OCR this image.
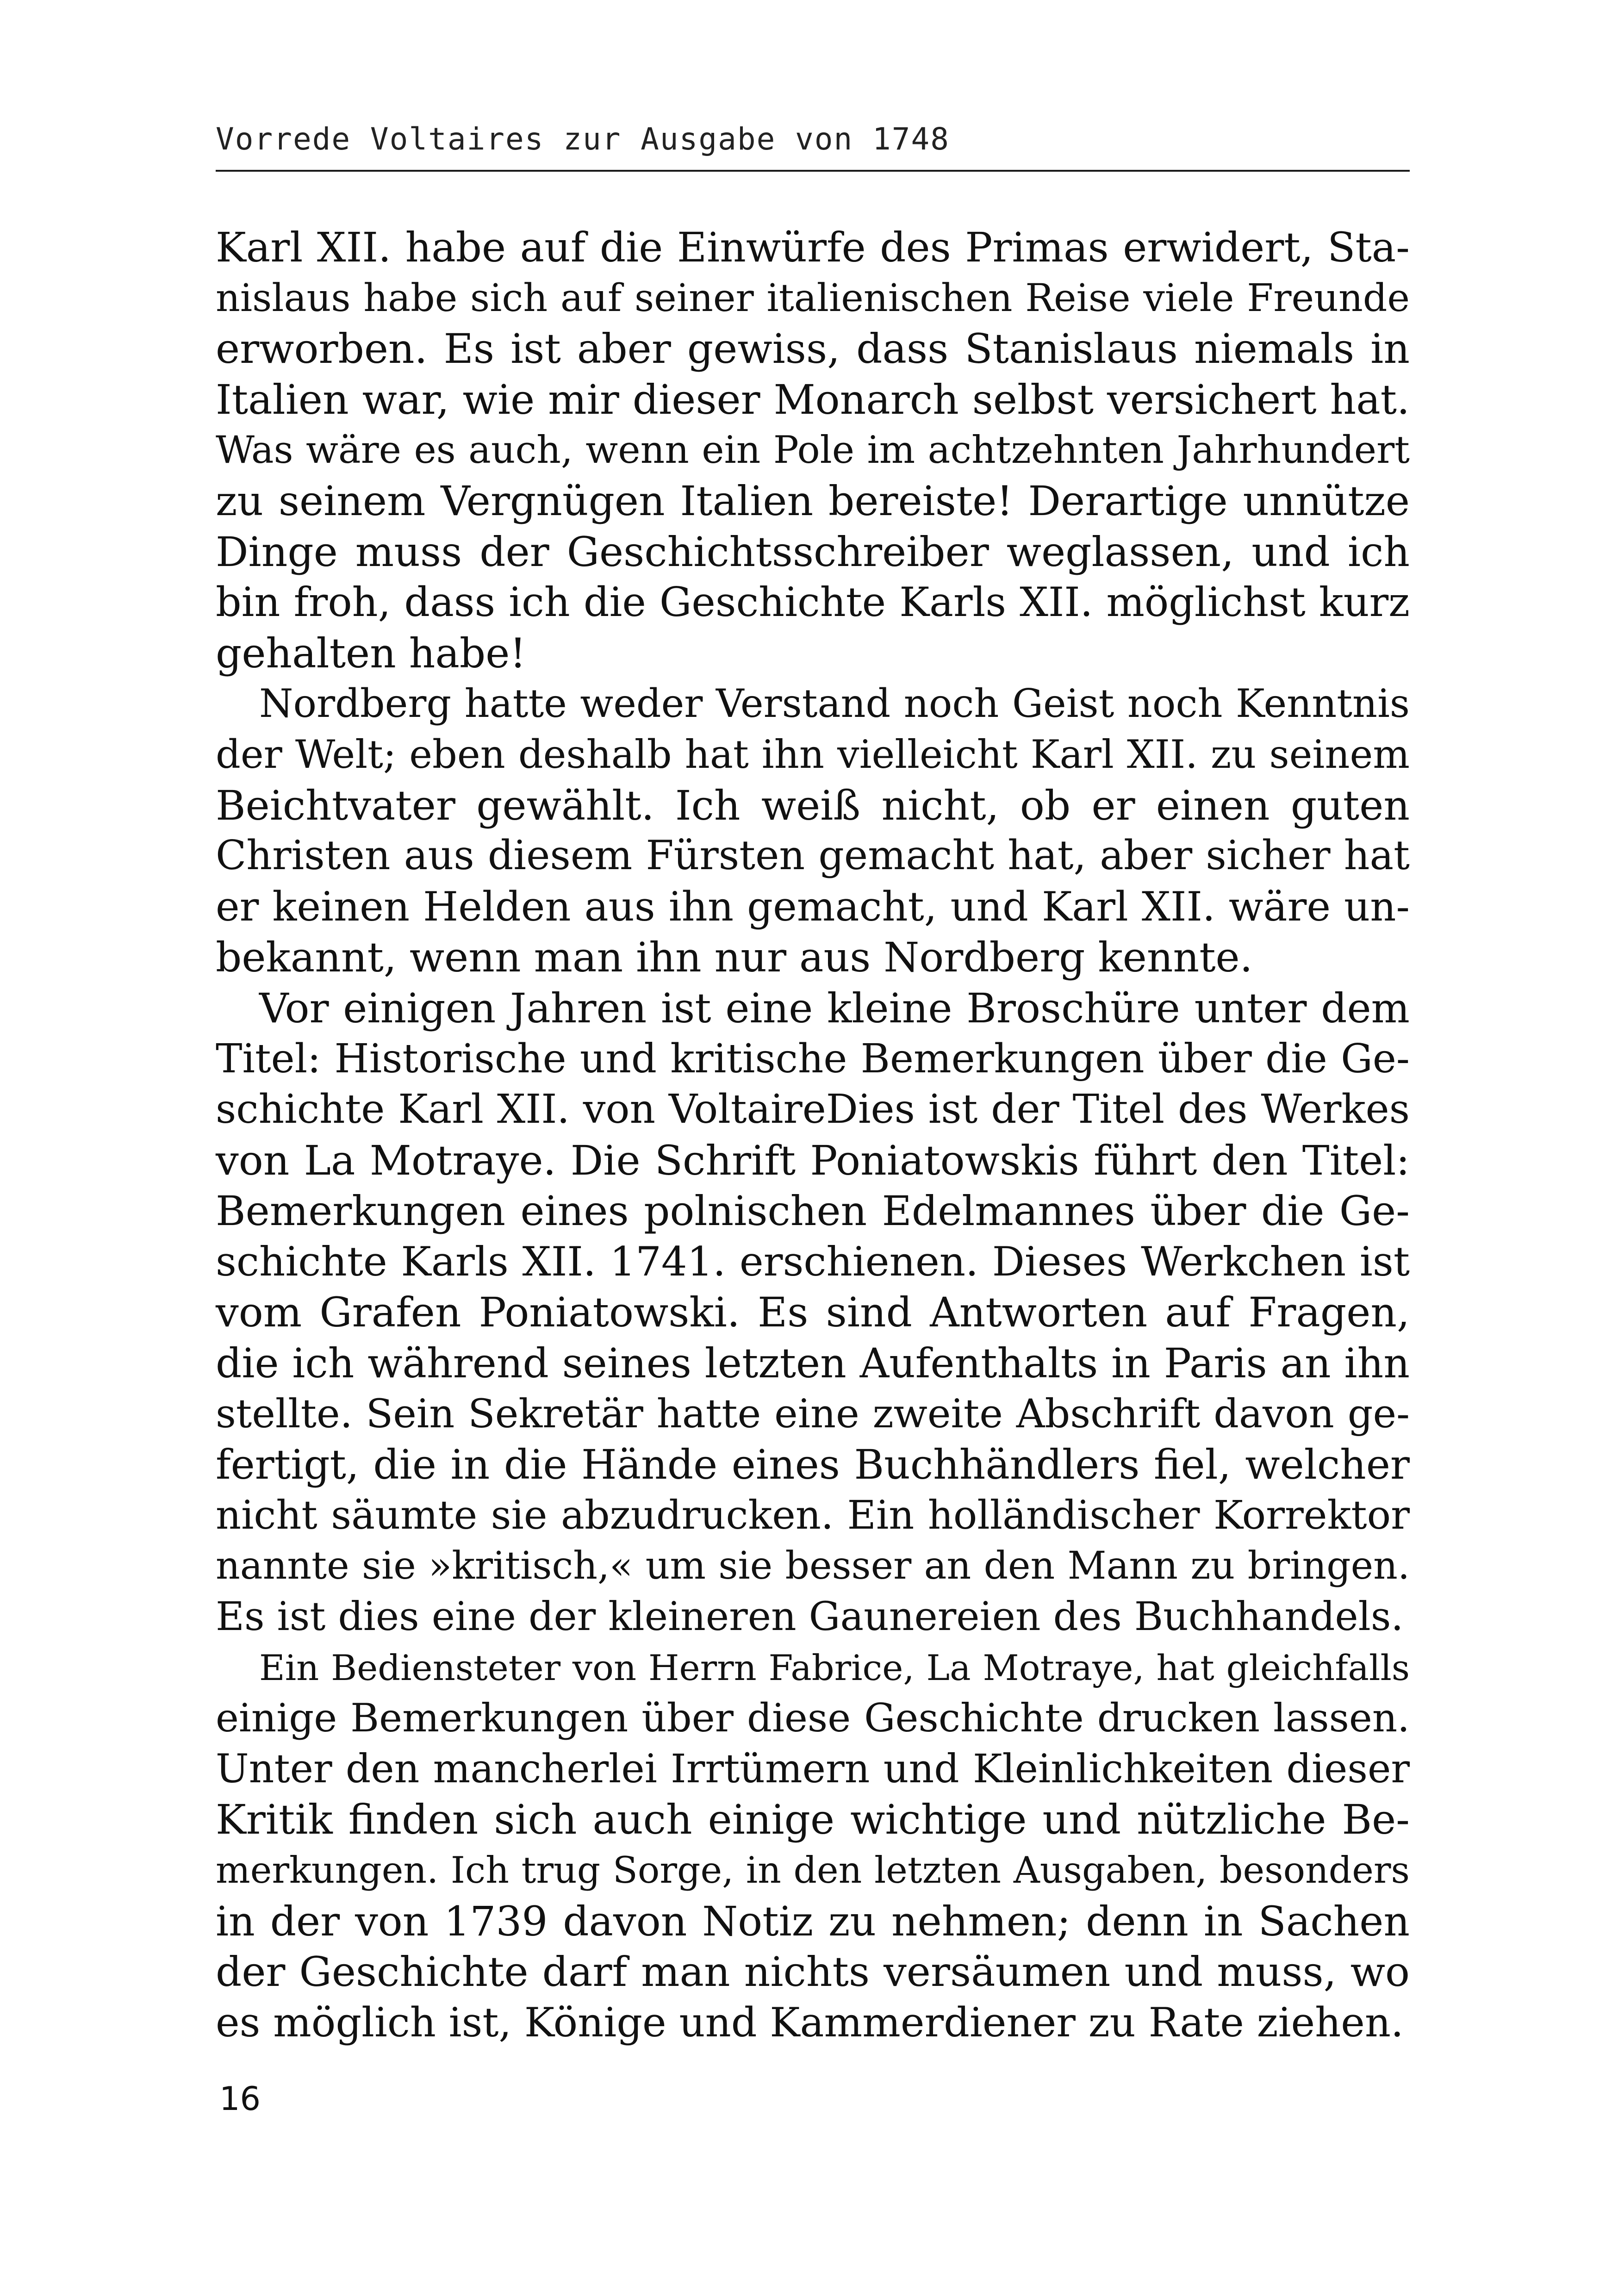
Vorrede Voltaires zur Ausgabe von 1748
Karl XII. habe auf die Einwürfe des Primas erwidert, Sta-
nislaus habe sich auf seiner italienischen Reise viele Freunde
erworben. Es ist aber gewiss, dass Stanislaus niemals in
Italien war, wie mir dieser Monarch selbst versichert hat.
Was wäre es auch, wenn ein Pole im achtzehnten Jahrhundert
zu seinem Vergnügen Italien bereiste! Derartige unnütze
Dinge muss der Geschichtsschreiber weglassen, und ich
bin froh, dass ich die Geschichte Karls XII. möglichst kurz
gehalten habe!
Nordberg hatte weder Verstand noch Geist noch Kenntnis
der Welt; eben deshalb hat ihn vielleicht Karl XII. zu seinem
Beichtvater gewählt. Ich weiß nicht, ob er einen guten
Christen aus diesem Fürsten gemacht hat, aber sicher hat
er keinen Helden aus ihn gemacht, und Karl XII. wäre un-
bekannt, wenn man ihn nur aus Nordberg kennte.
Vor einigen Jahren ist eine kleine Broschüre unter dem
Titel: Historische und kritische Bemerkungen über die Ge-
schichte Karl XII. von VoltaireDies ist der Titel des Werkes
von La Motraye. Die Schrift Poniatowskis führt den Titel:
Bemerkungen eines polnischen Edelmannes über die Ge-
schichte Karls XII. 1741. erschienen. Dieses Werkchen ist
vom Grafen Poniatowski. Es sind Antworten auf Fragen,
die ich während seines letzten Aufenthalts in Paris an ihn
stellte. Sein Sekretär hatte eine zweite Abschrift davon ge-
fertigt, die in die Hände eines Buchhändlers fiel, welcher
nicht säumte sie abzudrucken. Ein holländischer Korrektor
nannte sie »kritisch,« um sie besser an den Mann zu bringen.
Es ist dies eine der kleineren Gaunereien des Buchhandels.
Ein Bediensteter von Herrn Fabrice, La Motraye, hat gleichfalls
einige Bemerkungen über diese Geschichte drucken lassen.
Unter den mancherlei Irrtümern und Kleinlichkeiten dieser
Kritik finden sich auch einige wichtige und nützliche Be-
merkungen. Ich trug Sorge, in den letzten Ausgaben, besonders
in der von 1739 davon Notiz zu nehmen; denn in Sachen
der Geschichte darf man nichts versäumen und muss, wo
es möglich ist, Könige und Kammerdiener zu Rate ziehen.
16
